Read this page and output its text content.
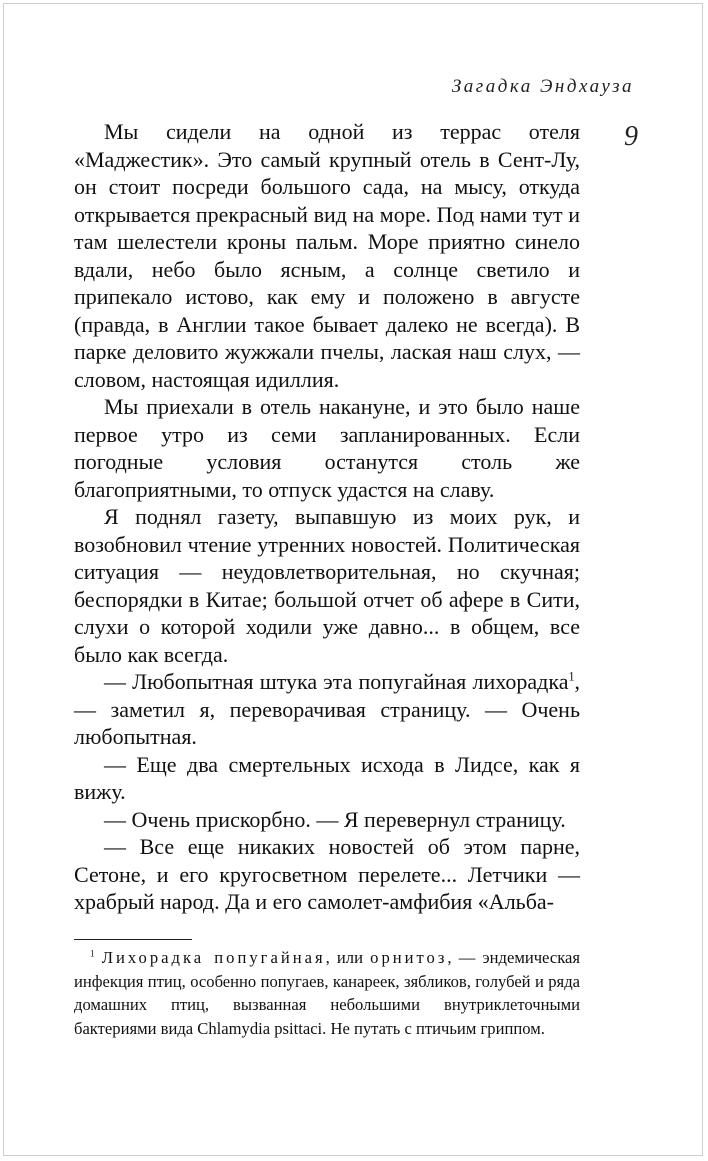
Загадка Эндхауза
9

Мы сидели на одной из террас отеля «Маджестик». Это самый крупный отель в Сент-Лу, он стоит посреди большого сада, на мысу, откуда открывается прекрасный вид на море. Под нами тут и там шелестели кроны пальм. Море приятно синело вдали, небо было ясным, а солнце светило и припекало истово, как ему и положено в августе (правда, в Англии такое бывает далеко не всегда). В парке деловито жужжали пчелы, лаская наш слух, — словом, настоящая идиллия.

Мы приехали в отель накануне, и это было наше первое утро из семи запланированных. Если погодные условия останутся столь же благоприятными, то отпуск удастся на славу.

Я поднял газету, выпавшую из моих рук, и возобновил чтение утренних новостей. Политическая ситуация — неудовлетворительная, но скучная; беспорядки в Китае; большой отчет об афере в Сити, слухи о которой ходили уже давно... в общем, все было как всегда.

— Любопытная штука эта попугайная лихорадка$^1$, — заметил я, переворачивая страницу. — Очень любопытная.

— Еще два смертельных исхода в Лидсе, как я вижу.

— Очень прискорбно. — Я перевернул страницу.

— Все еще никаких новостей об этом парне, Сетоне, и его кругосветном перелете... Летчики — храбрый народ. Да и его самолет-амфибия «Альба-

$^1$ Лихорадка попугайная, или орнитоз, — эндемическая инфекция птиц, особенно попугаев, канареек, зябликов, голубей и ряда домашних птиц, вызванная небольшими внутриклеточными бактериями вида Chlamydia psittaci. Не путать с птичьим гриппом.
